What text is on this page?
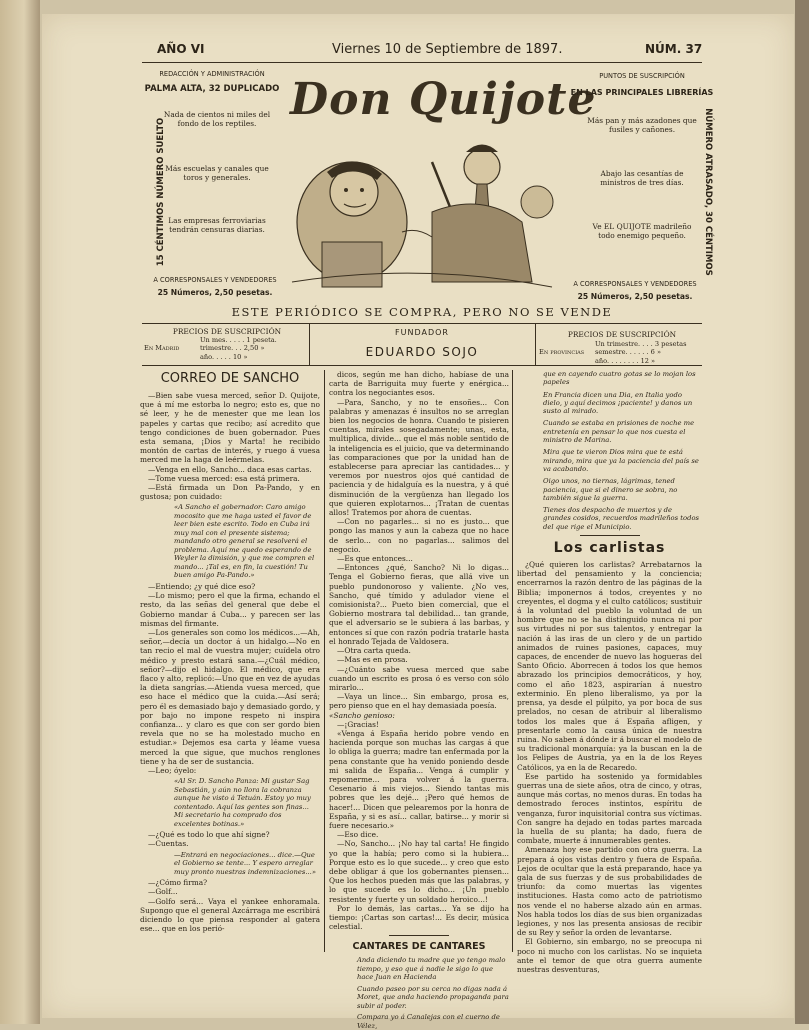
AÑO VI	Viernes 10 de Septiembre de 1897.	NÚM. 37
REDACCIÓN Y ADMINISTRACIÓN
PALMA ALTA, 32 DUPLICADO
Nada de cientos ni miles del fondo de los reptiles.
Más escuelas y canales que toros y generales.
Las empresas ferroviarias tendrán censuras diarias.
15 CÉNTIMOS NÚMERO SUELTO
A CORRESPONSALES Y VENDEDORES
25 Números, 2,50 pesetas.
Don Quijote PUNTOS DE SUSCRIPCIÓN
EN LAS PRINCIPALES LIBRERÍAS
Más pan y más azadones que fusiles y cañones.
Abajo las cesantías de ministros de tres días.
Ve EL QUIJOTE madrileño todo enemigo pequeño.	NÚMERO ATRASADO, 30 CÉNTIMOS
A CORRESPONSALES Y VENDEDORES
25 Números, 2,50 pesetas.
ESTE PERIÓDICO SE COMPRA, PERO NO SE VENDE
PRECIOS DE SUSCRIPCIÓN
En Madrid
Un mes. . . . . 1 peseta.
trimestre. . . 2,50 »
año. . . . . 10 »
FUNDADOR
EDUARDO SOJO
PRECIOS DE SUSCRIPCIÓN
En provincias
Un trimestre. . . . 3 pesetas
semestre. . . . . . 6 »
año. . . . . . . . 12 »
CORREO DE SANCHO

—Bien sabe vuesa merced, señor D. Quijote, que á mí me estorba lo negro; esto es, que no sé leer, y he de menester que me lean los papeles y cartas que recibo; así acredito que tengo condiciones de buen gobernador. Pues esta semana, ¡Dios y Marta! he recibido montón de cartas de interés, y ruego á vuesa merced me la haga de leérmelas.

—Venga en ello, Sancho... daca esas cartas.

—Tome vuesa merced: esa está primera.

—Está firmada un Don Pa-Pando, y en gustosa; pon cuidado:

«A Sancho el gobernador: Caro amigo mocosito que me haga usted el favor de leer bien este escrito. Todo en Cuba irá muy mal con el presente sistema; mandando otro general se resolverá el problema. Aquí me quedo esperando de Weyler la dimisión, y que me compren el mando... ¡Tal es, en fin, la cuestión! Tu buen amigo Pa-Pando.»

—Entiendo; ¿y qué dice eso?

—Lo mismo; pero el que la firma, echando el resto, da las señas del general que debe el Gobierno mandar á Cuba... y parecen ser las mismas del firmante.

—Los generales son como los médicos...—Ah, señor,—decía un doctor á un hidalgo.—No en tan recio el mal de vuestra mujer; cuídela otro médico y presto estará sana.—¿Cuál médico, señor?—dijo el hidalgo. El médico, que era flaco y alto, replicó:—Uno que en vez de ayudas la dieta sangrías.—Atienda vuesa merced, que eso hace el médico que la cuida.—Así será; pero él es demasiado bajo y demasiado gordo, y por bajo no impone respeto ni inspira confianza... y claro es que con ser gordo bien revela que no se ha molestado mucho en estudiar.» Dejemos esa carta y léame vuesa merced la que sigue, que muchos renglones tiene y ha de ser de sustancia.

—Leo; óyelo:

«Al Sr. D. Sancho Panza: Mi gustar Sag Sebastián, y aún no llora la cobranza aunque he visto á Tetuán. Estoy yo muy contentado. Aquí las gentes son finas... Mi secretario ha comprado dos excelentes botinas.»

—¿Qué es todo lo que ahí signe?

—Cuentas.

—Entrará en negociaciones... dice.—Que el Gobierno se tente... Y espero arreglar muy pronto nuestras indemnizaciones...»

—¿Cómo firma?

—Golf...

—Golfo será... Vaya el yankee enhoramala. Supongo que el general Azcárraga me escribirá diciendo lo que piensa responder al gatera ese... que en los perió-

dicos, según me han dicho, habíase de una carta de Barriguita muy fuerte y enérgica... contra los negociantes esos.

—Para, Sancho, y no te ensoñes... Con palabras y amenazas é insultos no se arreglan bien los negocios de honra. Cuando te pisieren cuentas, mírales sosegadamente; unas, esta, multiplica, divide... que el más noble sentido de la inteligencia es el juicio, que va determinando las comparaciones que por la unidad han de establecerse para apreciar las cantidades... y veremos por nuestros ojos qué cantidad de paciencia y de hidalguía es la nuestra, y á qué disminución de la vergüenza han llegado los que quieren explotarnos... ¡Tratan de cuentas allos! Tratemos por ahora de cuentas.

—Con no pagarles... si no es justo... que pongo las manos y aun la cabeza que no hace de serlo... con no pagarlas... salimos del negocio.

—Es que entonces...

—Entonces ¿qué, Sancho? Ni lo digas... Tenga el Gobierno fieras, que allá vive un pueblo pundonoroso y valiente. ¿No ves, Sancho, qué tímido y adulador viene el comisionista?... Pueto bien comercial, que el Gobierno mostrara tal debilidad... tan grande, que el adversario se le subiera á las barbas, y entonces sí que con razón podría tratarle hasta el honrado Tejada de Valdosera.

—Otra carta queda.

—Mas es en prosa.

—¿Cuánto sabe vuesa merced que sabe cuando un escrito es prosa ó es verso con sólo mirarlo...

—Vaya un lince... Sin embargo, prosa es, pero pienso que en el hay demasiada poesía.

«Sancho genioso:

—¡Gracias!

«Venga á España herido pobre vendo en hacienda porque son muchas las cargas á que lo obliga la guerra; madre tan enfermada por la pena constante que ha venido poniendo desde mi salida de España... Venga á cumplir y repomerme... para volver á la guerra. Cesenario á mis viejos... Siendo tantas mis pobres que les dejé... ¡Pero qué hemos de hacer!... Dicen que pelearemos por la honra de España, y si es así... callar, batirse... y morir si fuere necesario.»

—Eso dice.

—No, Sancho... ¡No hay tal carta! He fingido yo que la había; pero como si la hubiera... Porque esto es lo que sucede... y creo que esto debe obligar á que los gobernantes piensen... Que los hechos pueden más que las palabras, y lo que sucede es lo dicho... ¡Un pueblo resistente y fuerte y un soldado heroico...!

Por lo demás, las cartas... Ya se dijo ha tiempo: ¡Cartas son cartas!... Es decir, música celestial.

CANTARES DE CANTARES

Anda diciendo tu madre que yo tengo malo tiempo, y eso que á nadie le sigo lo que hace Juan en Hacienda

Cuando paseo por su cerca no digas nada á Moret, que anda haciendo propaganda para subir al poder.

Compara yo á Canalejas con el cuerno de Vélez,

que en cayendo cuatro gotas se lo mojan los papeles

En Francia dicen una Dia, en Italia yodo dielo, y aquí decimos ¡paciente! y danos un susto al mirado.

Cuando se estaba en prisiones de noche me entretenía en pensar lo que nos cuesta el ministro de Marina.

Mira que te vieron Dios mira que te está mirando, mira que ya la paciencia del país se va acabando.

Oigo unos, no tiernas, lágrimas, tened paciencia, que si el dinero se sobra, no también sigue la guerra.

Tienes dos despacho de muertos y de grandes cosidos, recuerdos madrileños todos del que rige el Municipio.

Los carlistas

¿Qué quieren los carlistas? Arrebatarnos la libertad del pensamiento y la conciencia; encerrarnos la razón dentro de las páginas de la Biblia; imponernos á todos, creyentes y no creyentes, el dogma y el culto católicos; sustituir á la voluntad del pueblo la voluntad de un hombre que no se ha distinguido nunca ni por sus virtudes ni por sus talentos, y entregar la nación á las iras de un clero y de un partido animados de ruines pasiones, capaces, muy capaces, de encender de nuevo las hogueras del Santo Oficio. Aborrecen á todos los que hemos abrazado los principios democráticos, y hoy, como el año 1823, aspirarían á nuestro exterminio. En pleno liberalismo, ya por la prensa, ya desde el púlpito, ya por boca de sus prelados, no cesan de atribuir al liberalismo todos los males que á España afligen, y presentarle como la causa única de nuestra ruina. No saben á dónde ir á buscar el modelo de su tradicional monarquía: ya la buscan en la de los Felipes de Austria, ya en la de los Reyes Católicos, ya en la de Recaredo.

Ese partido ha sostenido ya formidables guerras una de siete años, otra de cinco, y otras, aunque más cortas, no menos duras. En todas ha demostrado feroces instintos, espíritu de venganza, furor inquisitorial contra sus víctimas. Con sangre ha dejado en todas partes marcada la huella de su planta; ha dado, fuera de combate, muerte á innumerables gentes.

Amenaza hoy ese partido con otra guerra. La prepara á ojos vistas dentro y fuera de España. Lejos de ocultar que la está preparando, hace ya gala de sus fuerzas y de sus probabilidades de triunfo: da como muertas las vigentes instituciones. Hasta como acto de patriotismo nos vende el no haberse alzado aún en armas. Nos habla todos los días de sus bien organizadas legiones, y nos las presenta ansiosas de recibir de su Rey y señor la orden de levantarse.

El Gobierno, sin embargo, no se preocupa ni poco ni mucho con los carlistas. No se inquieta ante el temor de que otra guerra aumente nuestras desventuras,
